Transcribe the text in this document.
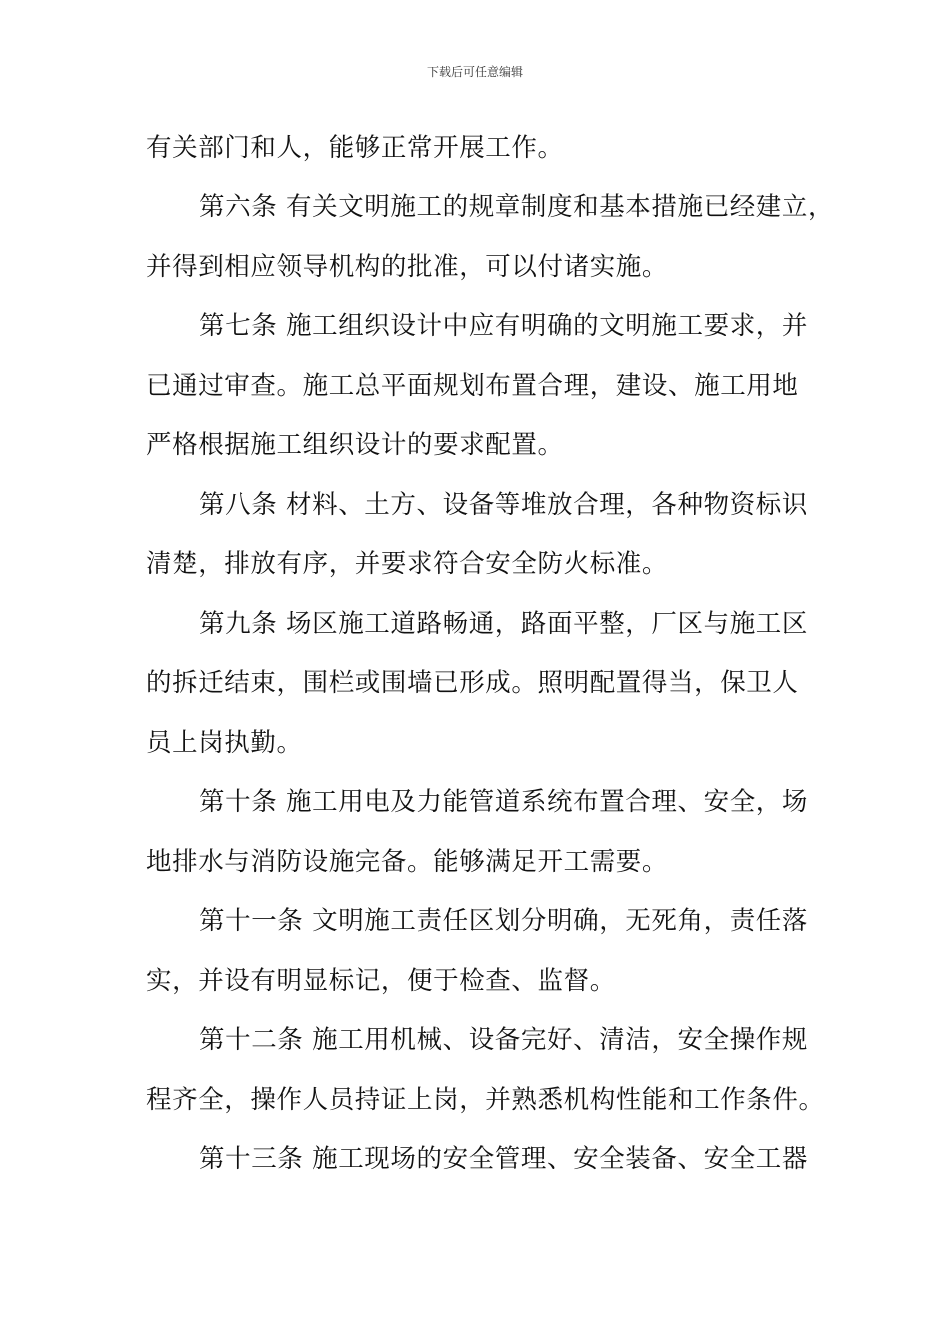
下载后可任意编辑
有关部门和人，能够正常开展工作。
第六条 有关文明施工的规章制度和基本措施已经建立，
并得到相应领导机构的批准，可以付诸实施。
第七条 施工组织设计中应有明确的文明施工要求，并
已通过审查。施工总平面规划布置合理，建设、施工用地
严格根据施工组织设计的要求配置。
第八条 材料、土方、设备等堆放合理，各种物资标识
清楚，排放有序，并要求符合安全防火标准。
第九条 场区施工道路畅通，路面平整，厂区与施工区
的拆迁结束，围栏或围墙已形成。照明配置得当，保卫人
员上岗执勤。
第十条 施工用电及力能管道系统布置合理、安全，场
地排水与消防设施完备。能够满足开工需要。
第十一条 文明施工责任区划分明确，无死角，责任落
实，并设有明显标记，便于检查、监督。
第十二条 施工用机械、设备完好、清洁，安全操作规
程齐全，操作人员持证上岗，并熟悉机构性能和工作条件。
第十三条 施工现场的安全管理、安全装备、安全工器
